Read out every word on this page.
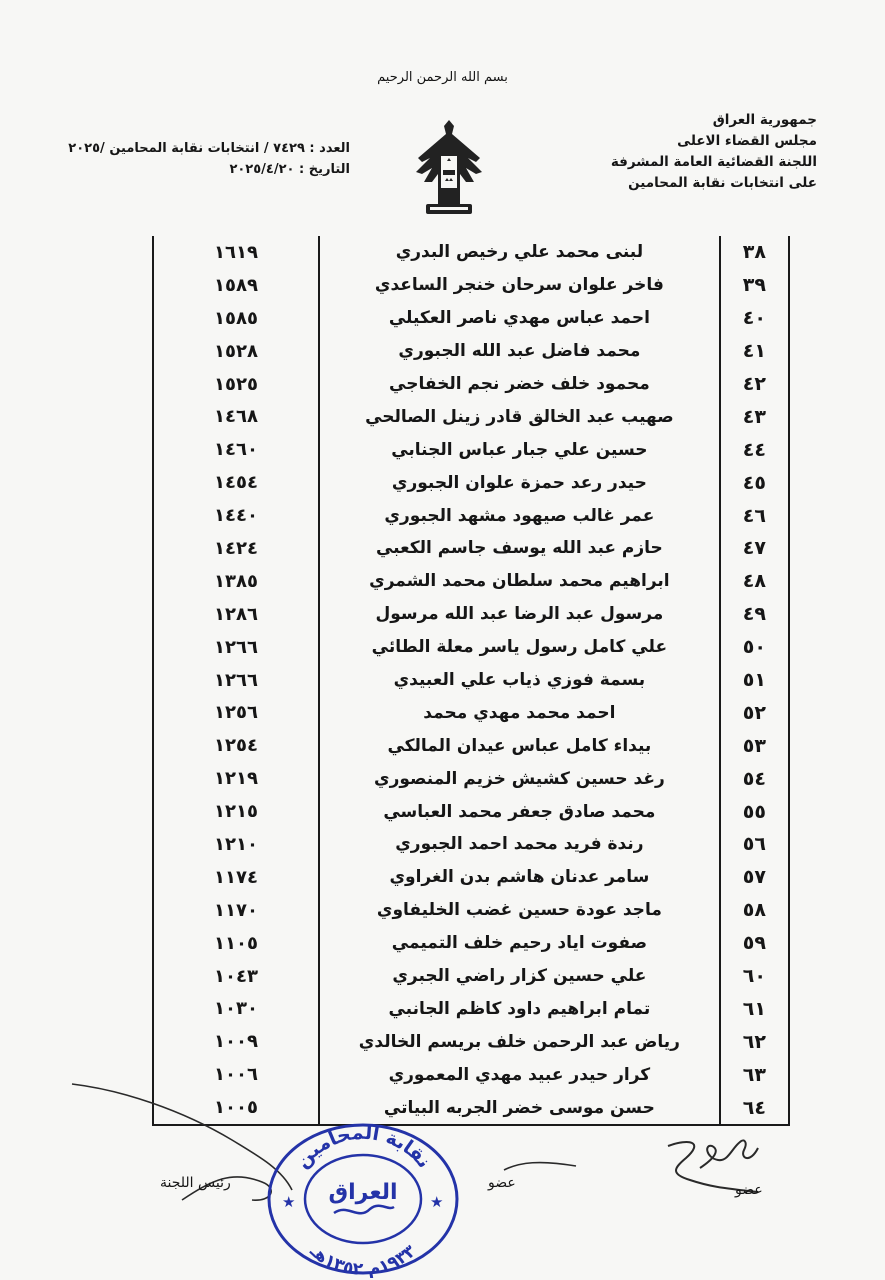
بسم الله الرحمن الرحيم
جمهورية العراق
مجلس القضاء الاعلى
اللجنة القضائية العامة المشرفة
على انتخابات نقابة المحامين
العدد : ٧٤٢٩ / انتخابات نقابة المحامين /٢٠٢٥
التاريخ : ٢٠٢٥/٤/٢٠
٣٨	لبنى محمد علي رخيص البدري	١٦١٩
٣٩	فاخر علوان سرحان خنجر الساعدي	١٥٨٩
٤٠	احمد عباس مهدي ناصر العكيلي	١٥٨٥
٤١	محمد فاضل عبد الله الجبوري	١٥٢٨
٤٢	محمود خلف خضر نجم الخفاجي	١٥٢٥
٤٣	صهيب عبد الخالق قادر زينل الصالحي	١٤٦٨
٤٤	حسين علي جبار عباس الجنابي	١٤٦٠
٤٥	حيدر رعد حمزة علوان الجبوري	١٤٥٤
٤٦	عمر غالب صيهود مشهد الجبوري	١٤٤٠
٤٧	حازم عبد الله يوسف جاسم الكعبي	١٤٢٤
٤٨	ابراهيم محمد سلطان محمد الشمري	١٣٨٥
٤٩	مرسول عبد الرضا عبد الله مرسول	١٢٨٦
٥٠	علي كامل رسول ياسر معلة الطائي	١٢٦٦
٥١	بسمة فوزي ذياب علي العبيدي	١٢٦٦
٥٢	احمد محمد مهدي محمد	١٢٥٦
٥٣	بيداء كامل عباس عيدان المالكي	١٢٥٤
٥٤	رغد حسين كشيش خزيم المنصوري	١٢١٩
٥٥	محمد صادق جعفر محمد العباسي	١٢١٥
٥٦	رندة فريد محمد احمد الجبوري	١٢١٠
٥٧	سامر عدنان هاشم بدن الغراوي	١١٧٤
٥٨	ماجد عودة حسين غضب الخليفاوي	١١٧٠
٥٩	صفوت اياد رحيم خلف التميمي	١١٠٥
٦٠	علي حسين كزار راضي الجبري	١٠٤٣
٦١	تمام ابراهيم داود كاظم الجانبي	١٠٣٠
٦٢	رياض عبد الرحمن خلف بريسم الخالدي	١٠٠٩
٦٣	كرار حيدر عبيد مهدي المعموري	١٠٠٦
٦٤	حسن موسى خضر الجربه البياتي	١٠٠٥
عضو
عضو
رئيس اللجنة
نقابة المحامين
العراق
١٩٣٣م ١٣٥٢هـ
★	★
